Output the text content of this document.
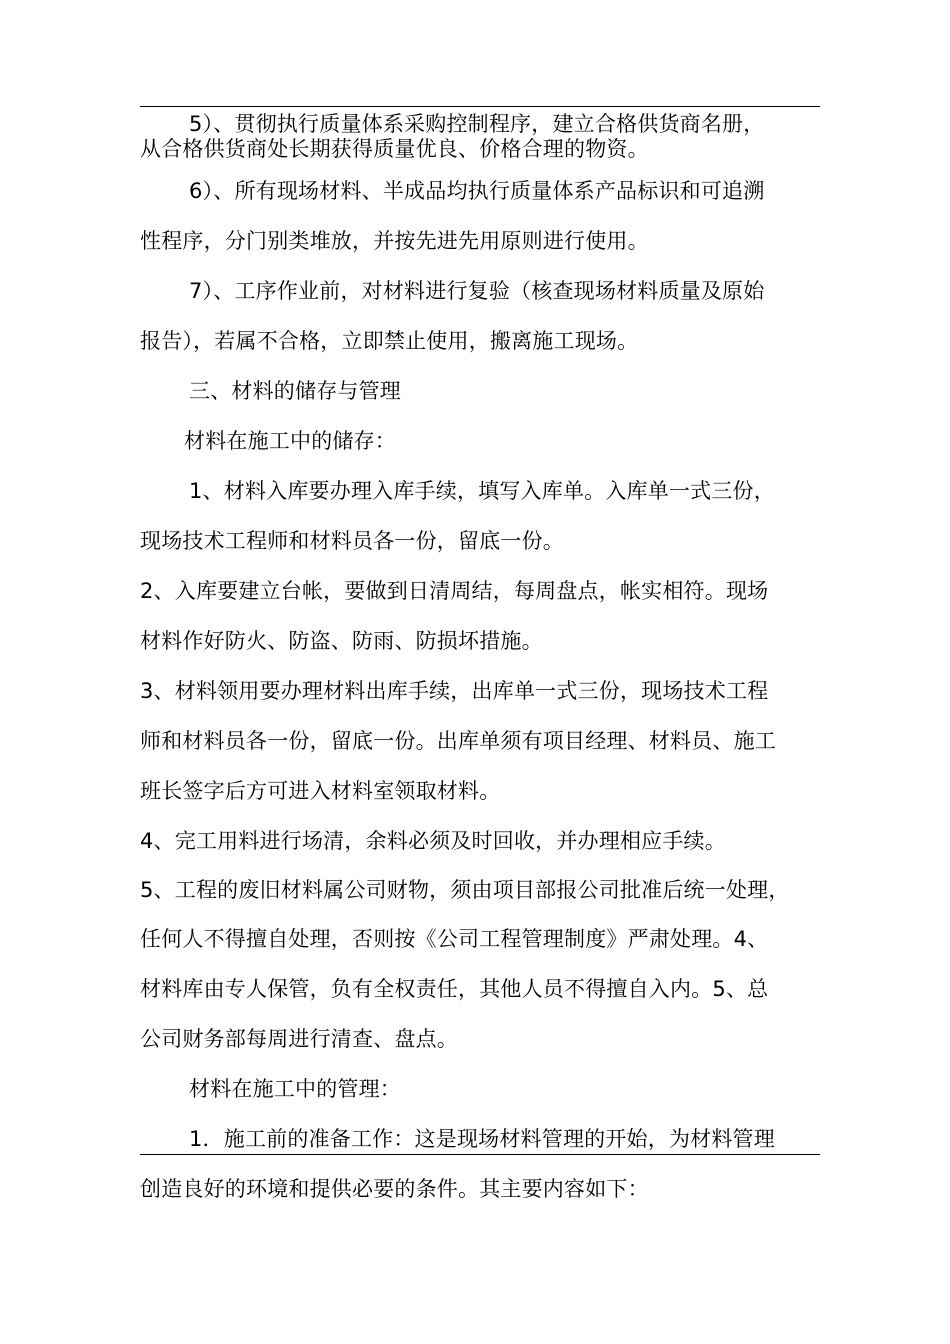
5）、贯彻执行质量体系采购控制程序，建立合格供货商名册，
从合格供货商处长期获得质量优良、价格合理的物资。
6）、所有现场材料、半成品均执行质量体系产品标识和可追溯
性程序，分门别类堆放，并按先进先用原则进行使用。
7）、工序作业前，对材料进行复验（核查现场材料质量及原始
报告），若属不合格，立即禁止使用，搬离施工现场。
三、材料的储存与管理
材料在施工中的储存：
1、材料入库要办理入库手续，填写入库单。入库单一式三份，
现场技术工程师和材料员各一份，留底一份。
2、入库要建立台帐，要做到日清周结，每周盘点，帐实相符。现场
材料作好防火、防盗、防雨、防损坏措施。
3、材料领用要办理材料出库手续，出库单一式三份，现场技术工程
师和材料员各一份，留底一份。出库单须有项目经理、材料员、施工
班长签字后方可进入材料室领取材料。
4、完工用料进行场清，余料必须及时回收，并办理相应手续。
5、工程的废旧材料属公司财物，须由项目部报公司批准后统一处理，
任何人不得擅自处理，否则按《公司工程管理制度》严肃处理。4、
材料库由专人保管，负有全权责任，其他人员不得擅自入内。5、总
公司财务部每周进行清查、盘点。
材料在施工中的管理：
1．施工前的准备工作：这是现场材料管理的开始，为材料管理
创造良好的环境和提供必要的条件。其主要内容如下：
